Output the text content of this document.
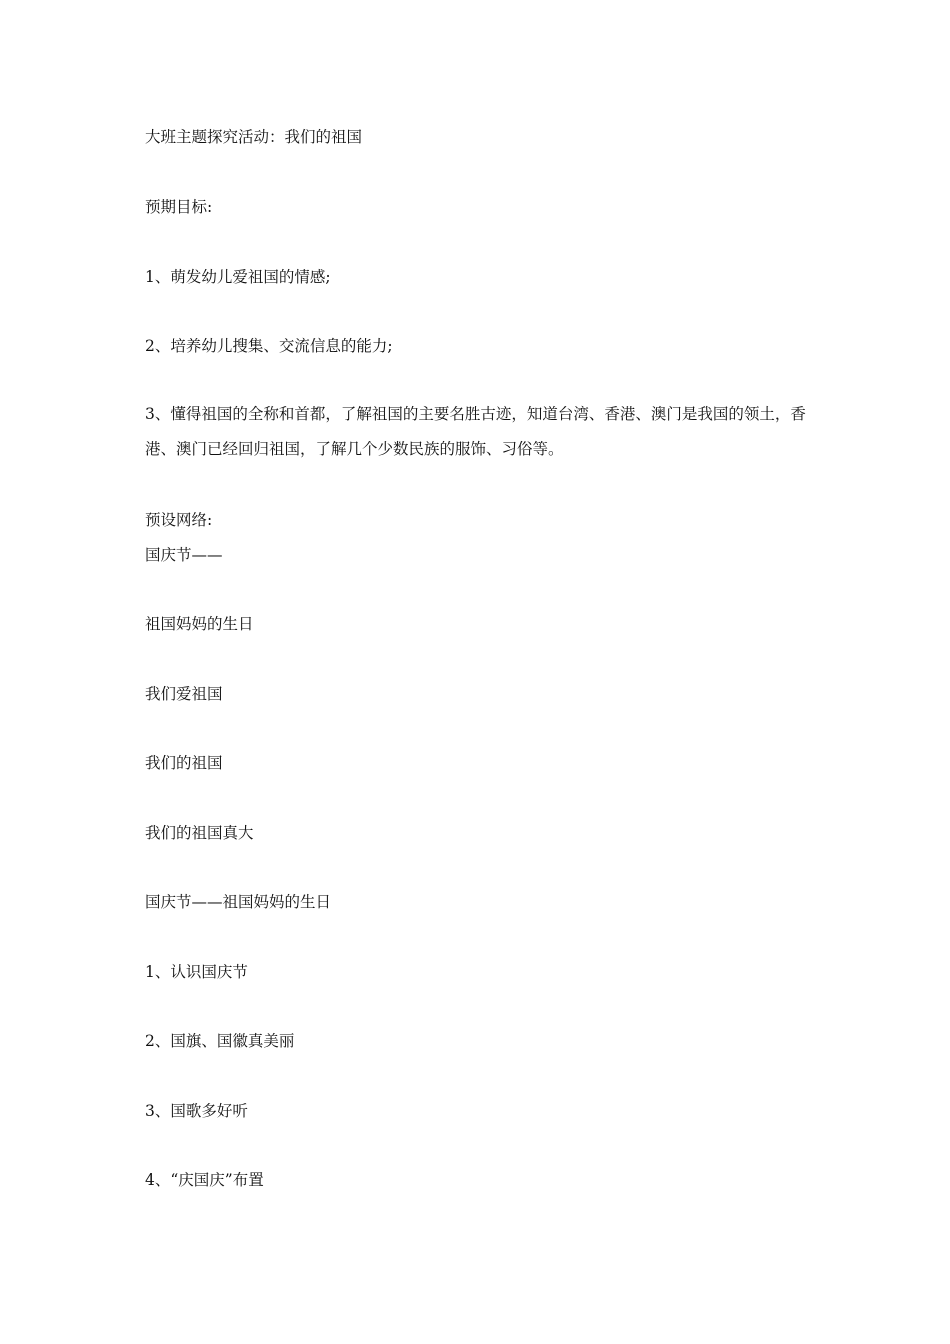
大班主题探究活动：我们的祖国

预期目标:

1、萌发幼儿爱祖国的情感;

2、培养幼儿搜集、交流信息的能力;

3、懂得祖国的全称和首都，了解祖国的主要名胜古迹，知道台湾、香港、澳门是我国的领土，香港、澳门已经回归祖国，了解几个少数民族的服饰、习俗等。

预设网络:

国庆节——

祖国妈妈的生日

我们爱祖国

我们的祖国

我们的祖国真大

国庆节——祖国妈妈的生日

1、认识国庆节

2、国旗、国徽真美丽

3、国歌多好听

4、“庆国庆”布置
